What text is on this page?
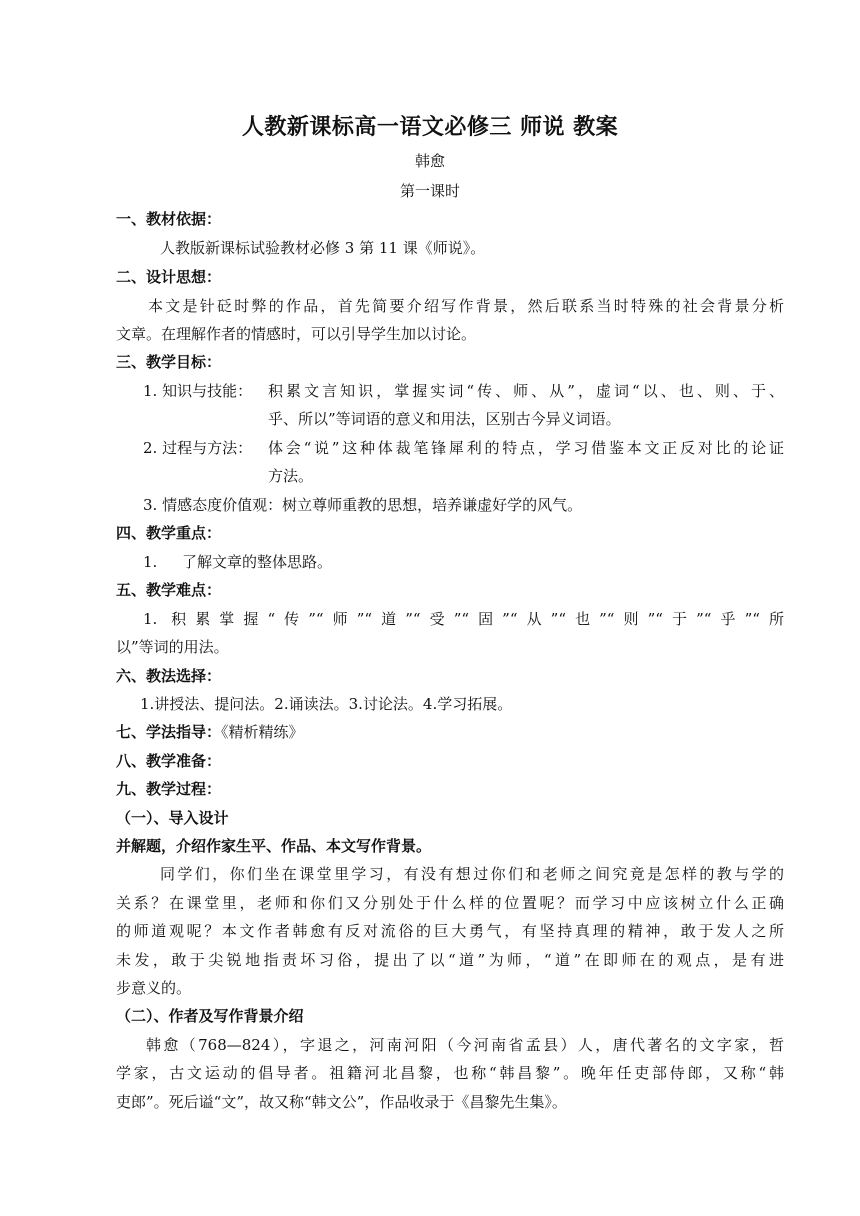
人教新课标高一语文必修三 师说 教案
韩愈
第一课时
一、教材依据：
人教版新课标试验教材必修 3 第 11 课《师说》。
二、设计思想：
本文是针砭时弊的作品，首先简要介绍写作背景，然后联系当时特殊的社会背景分析
文章。在理解作者的情感时，可以引导学生加以讨论。
三、教学目标：
1. 知识与技能： 积累文言知识，掌握实词“传、师、从”，虚词“以、也、则、于、
乎、所以”等词语的意义和用法，区别古今异义词语。
2. 过程与方法： 体会“说”这种体裁笔锋犀利的特点，学习借鉴本文正反对比的论证
方法。
3. 情感态度价值观：树立尊师重教的思想，培养谦虚好学的风气。
四、教学重点：
1. 了解文章的整体思路。
五、教学难点：
1. 积累掌握“传”“师”“道”“受”“固”“从”“也”“则”“于”“乎”“所
以”等词的用法。
六、教法选择：
1.讲授法、提问法。2.诵读法。3.讨论法。4.学习拓展。
七、学法指导：《精析精练》
八、教学准备：
九、教学过程：
（一）、导入设计
并解题，介绍作家生平、作品、本文写作背景。
同学们，你们坐在课堂里学习，有没有想过你们和老师之间究竟是怎样的教与学的
关系？在课堂里，老师和你们又分别处于什么样的位置呢？而学习中应该树立什么正确
的师道观呢？本文作者韩愈有反对流俗的巨大勇气，有坚持真理的精神，敢于发人之所
未发，敢于尖锐地指责坏习俗，提出了以“道”为师，“道”在即师在的观点，是有进
步意义的。
（二）、作者及写作背景介绍
韩愈（768—824），字退之，河南河阳（今河南省孟县）人，唐代著名的文字家，哲
学家，古文运动的倡导者。祖籍河北昌黎，也称“韩昌黎”。晚年任吏部侍郎，又称“韩
吏郎”。死后谥“文”，故又称“韩文公”，作品收录于《昌黎先生集》。
